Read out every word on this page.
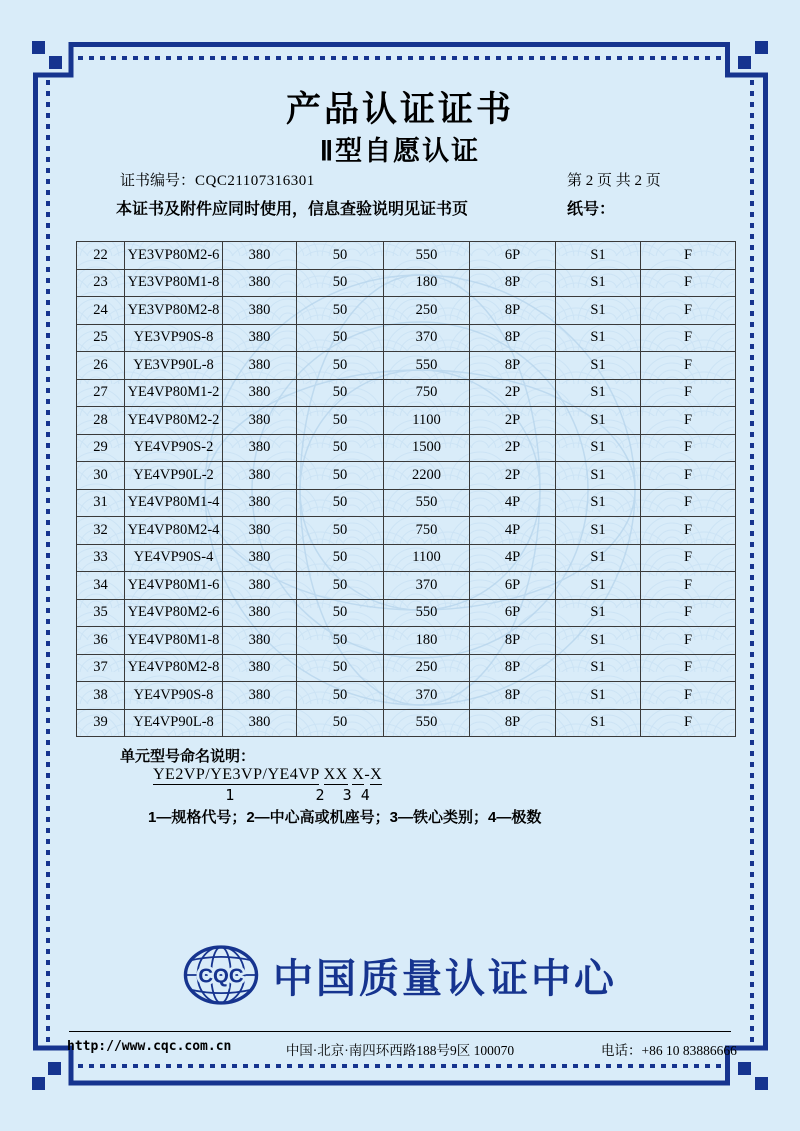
产品认证证书
Ⅱ型自愿认证
证书编号：CQC21107316301	第 2 页 共 2 页
本证书及附件应同时使用，信息查验说明见证书页	纸号：
22	YE3VP80M2-6	380	50	550	6P	S1	F
23	YE3VP80M1-8	380	50	180	8P	S1	F
24	YE3VP80M2-8	380	50	250	8P	S1	F
25	YE3VP90S-8	380	50	370	8P	S1	F
26	YE3VP90L-8	380	50	550	8P	S1	F
27	YE4VP80M1-2	380	50	750	2P	S1	F
28	YE4VP80M2-2	380	50	1100	2P	S1	F
29	YE4VP90S-2	380	50	1500	2P	S1	F
30	YE4VP90L-2	380	50	2200	2P	S1	F
31	YE4VP80M1-4	380	50	550	4P	S1	F
32	YE4VP80M2-4	380	50	750	4P	S1	F
33	YE4VP90S-4	380	50	1100	4P	S1	F
34	YE4VP80M1-6	380	50	370	6P	S1	F
35	YE4VP80M2-6	380	50	550	6P	S1	F
36	YE4VP80M1-8	380	50	180	8P	S1	F
37	YE4VP80M2-8	380	50	250	8P	S1	F
38	YE4VP90S-8	380	50	370	8P	S1	F
39	YE4VP90L-8	380	50	550	8P	S1	F
单元型号命名说明：
YE2VP/YE3VP/YE4VP XX X-X
1         2  3 4
1—规格代号；2—中心高或机座号；3—铁心类别；4—极数
CQC 中国质量认证中心
http://www.cqc.com.cn	中国·北京·南四环西路188号9区 100070	电话：+86 10 83886666
